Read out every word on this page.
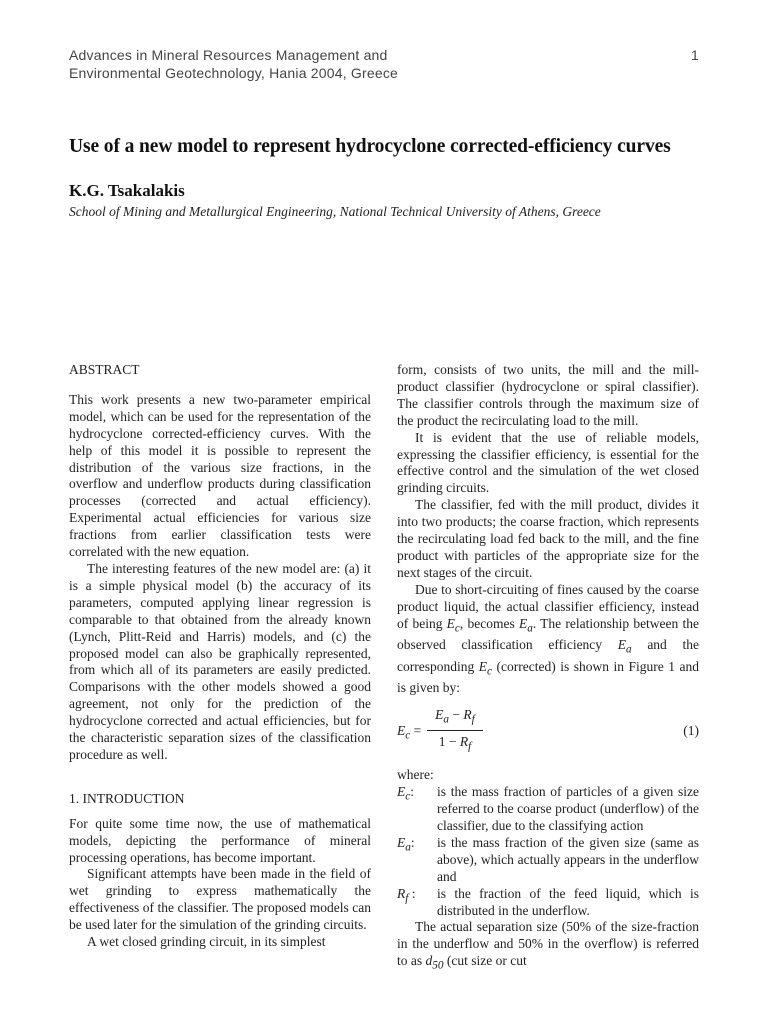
Advances in Mineral Resources Management and
Environmental Geotechnology, Hania 2004, Greece
1
Use of a new model to represent hydrocyclone corrected-efficiency curves
K.G. Tsakalakis
School of Mining and Metallurgical Engineering, National Technical University of Athens, Greece
ABSTRACT

This work presents a new two-parameter empirical model, which can be used for the representation of the hydrocyclone corrected-efficiency curves. With the help of this model it is possible to represent the distribution of the various size fractions, in the overflow and underflow products during classification processes (corrected and actual efficiency). Experimental actual efficiencies for various size fractions from earlier classification tests were correlated with the new equation.

The interesting features of the new model are: (a) it is a simple physical model (b) the accuracy of its parameters, computed applying linear regression is comparable to that obtained from the already known (Lynch, Plitt-Reid and Harris) models, and (c) the proposed model can also be graphically represented, from which all of its parameters are easily predicted. Comparisons with the other models showed a good agreement, not only for the prediction of the hydrocyclone corrected and actual efficiencies, but for the characteristic separation sizes of the classification procedure as well.

1. INTRODUCTION

For quite some time now, the use of mathematical models, depicting the performance of mineral processing operations, has become important.

Significant attempts have been made in the field of wet grinding to express mathematically the effectiveness of the classifier. The proposed models can be used later for the simulation of the grinding circuits.

A wet closed grinding circuit, in its simplest

form, consists of two units, the mill and the mill- product classifier (hydrocyclone or spiral classifier). The classifier controls through the maximum size of the product the recirculating load to the mill.

It is evident that the use of reliable models, expressing the classifier efficiency, is essential for the effective control and the simulation of the wet closed grinding circuits.

The classifier, fed with the mill product, divides it into two products; the coarse fraction, which represents the recirculating load fed back to the mill, and the fine product with particles of the appropriate size for the next stages of the circuit.

Due to short-circuiting of fines caused by the coarse product liquid, the actual classifier efficiency, instead of being $E_c$, becomes $E_a$. The relationship between the observed classification efficiency $E_a$ and the corresponding $E_c$ (corrected) is shown in Figure 1 and is given by:

$E_c = \frac{E_a - R_f}{1 - R_f}$	(1)
where:
$E_c$:	is the mass fraction of particles of a given size referred to the coarse product (underflow) of the classifier, due to the classifying action
$E_a$:	is the mass fraction of the given size (same as above), which actually appears in the underflow and
$R_f$ :	is the fraction of the feed liquid, which is distributed in the underflow.

The actual separation size (50% of the size-fraction in the underflow and 50% in the overflow) is referred to as $d_{50}$ (cut size or cut
